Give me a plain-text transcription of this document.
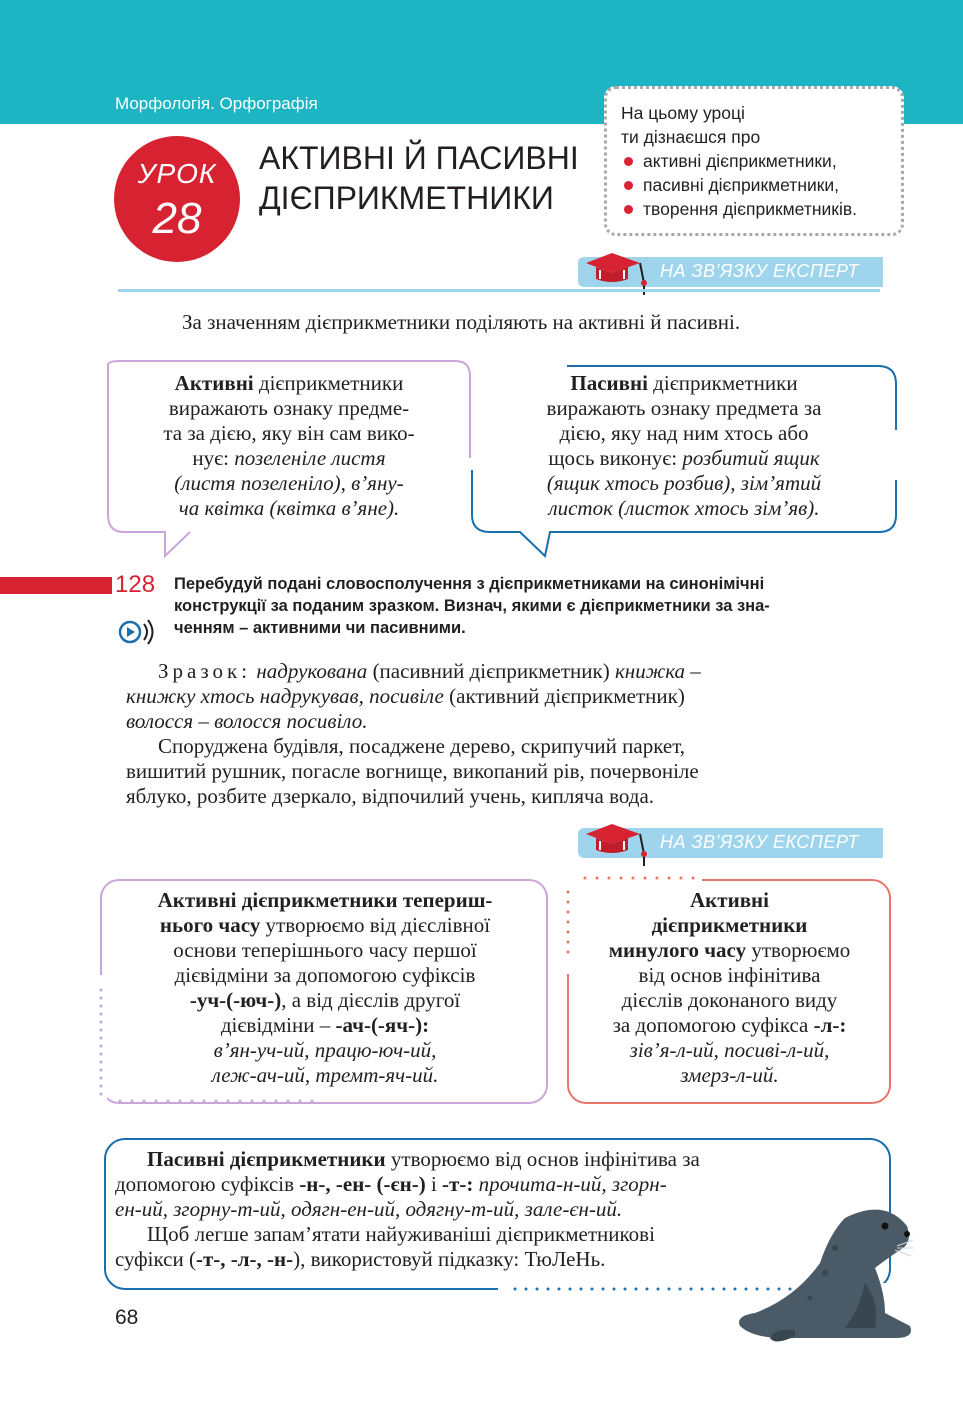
Морфологія. Орфографія
УРОК
28
АКТИВНІ Й ПАСИВНІ
ДІЄПРИКМЕТНИКИ
На цьому уроці
ти дізнаєшся про
активні дієприкметники,
пасивні дієприкметники,
творення дієприкметників.
НА ЗВ’ЯЗКУ ЕКСПЕРТ
За значенням дієприкметники поділяють на активні й пасивні.
Активні дієприкметники
виражають ознаку предме-
та за дією, яку він сам вико-
нує: позеленіле листя
(листя позеленіло), в’яну-
ча квітка (квітка в’яне).
Пасивні дієприкметники
виражають ознаку предмета за
дією, яку над ним хтось або
щось виконує: розбитий ящик
(ящик хтось розбив), зім’ятий
листок (листок хтось зім’яв).
128 Перебудуй подані словосполучення з дієприкметниками на синонімічні
конструкції за поданим зразком. Визнач, якими є дієприкметники за зна-
ченням – активними чи пасивними.
Зразок: надрукована (пасивний дієприкметник) книжка –
книжку хтось надрукував, посивіле (активний дієприкметник)
волосся – волосся посивіло.
Споруджена будівля, посаджене дерево, скрипучий паркет,
вишитий рушник, погасле вогнище, викопаний рів, почервоніле
яблуко, розбите дзеркало, відпочилий учень, кипляча вода.
НА ЗВ’ЯЗКУ ЕКСПЕРТ
Активні дієприкметники тепериш-
нього часу утворюємо від дієслівної
основи теперішнього часу першої
дієвідміни за допомогою суфіксів
-уч-(-юч-), а від дієслів другої
дієвідміни – -ач-(-яч-):
в’ян-уч-ий, працю-юч-ий,
леж-ач-ий, тремт-яч-ий.
Активні
дієприкметники
минулого часу утворюємо
від основ інфінітива
дієслів доконаного виду
за допомогою суфікса -л-:
зів’я-л-ий, посиві-л-ий,
змерз-л-ий.
Пасивні дієприкметники утворюємо від основ інфінітива за
допомогою суфіксів -н-, -ен- (-єн-) і -т-: прочита-н-ий, згорн-
ен-ий, згорну-т-ий, одягн-ен-ий, одягну-т-ий, зале-єн-ий.
Щоб легше запам’ятати найуживаніші дієприкметникові
суфікси (-т-, -л-, -н-), використовуй підказку: ТюЛеНь.
68
